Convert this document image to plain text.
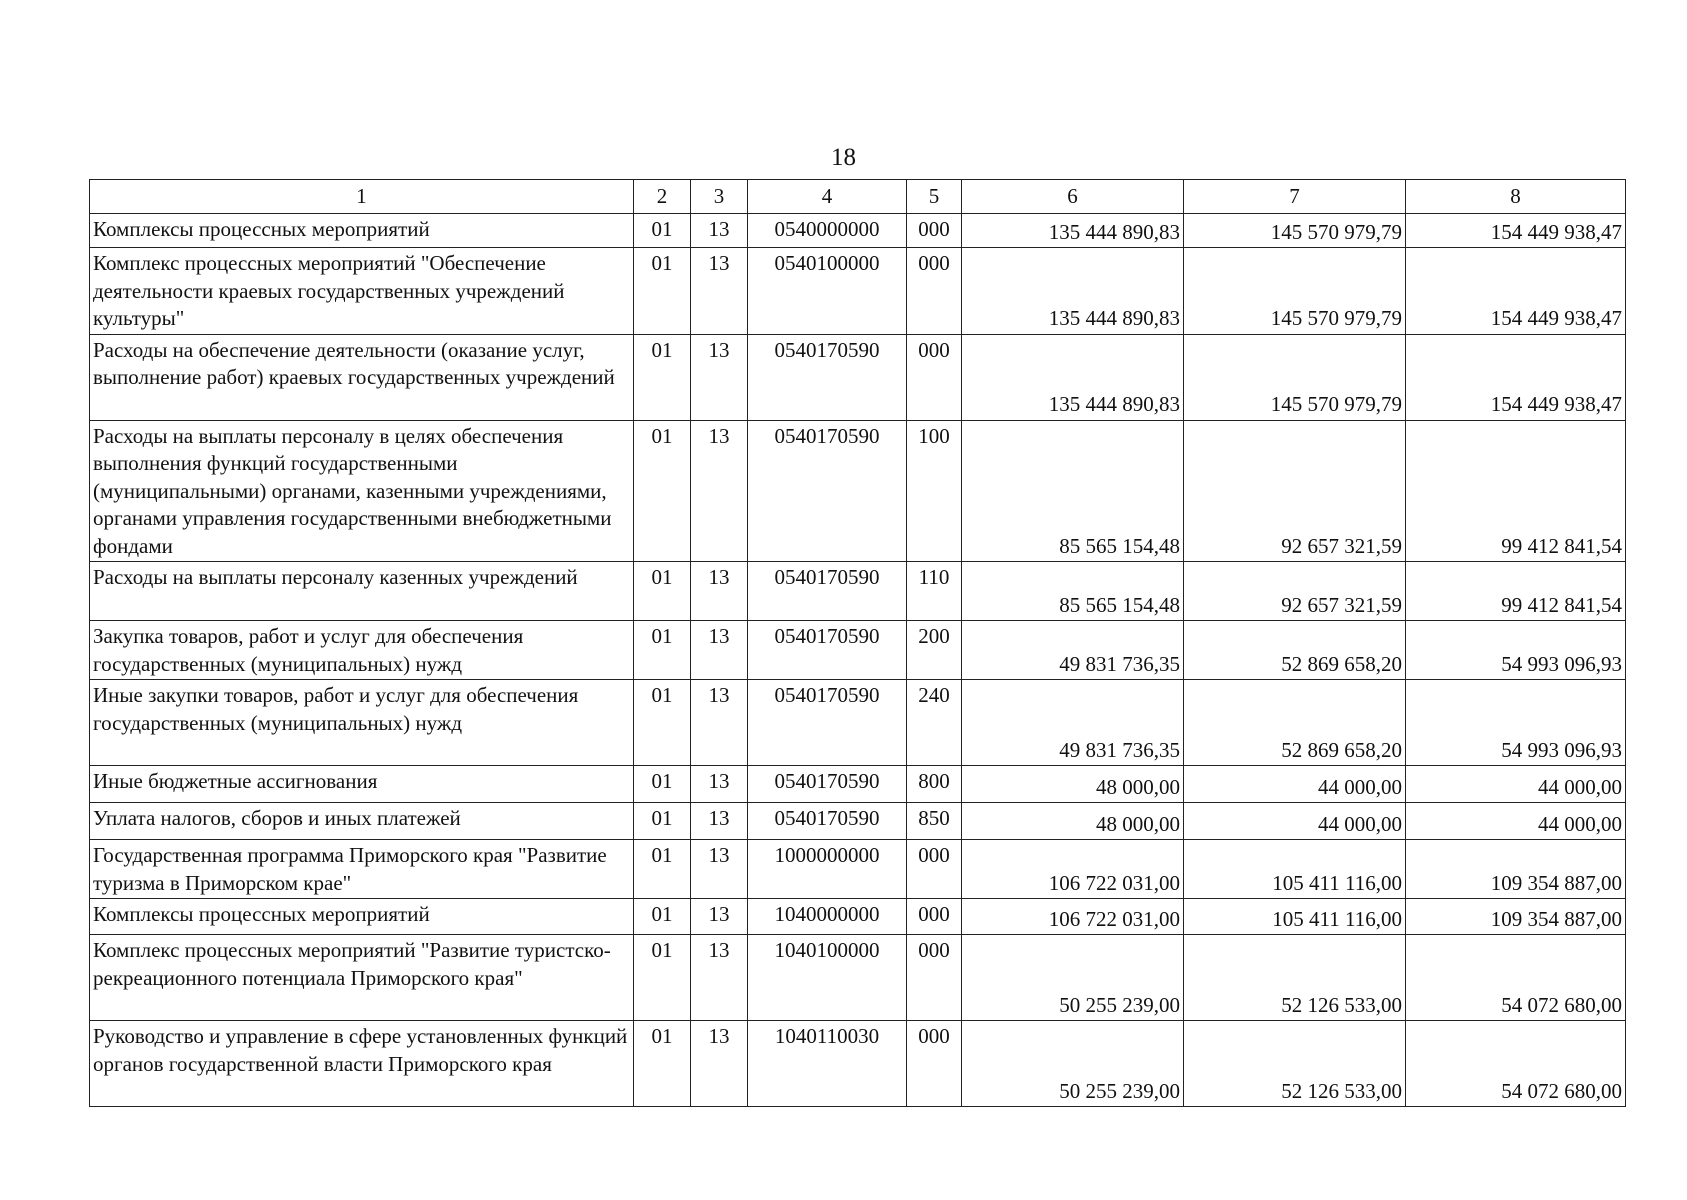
18
1	2	3	4	5	6	7	8
Комплексы процессных мероприятий	01	13	0540000000	000	135 444 890,83	145 570 979,79	154 449 938,47
Комплекс процессных мероприятий "Обеспечение деятельности краевых государственных учреждений культуры"	01	13	0540100000	000	135 444 890,83	145 570 979,79	154 449 938,47
Расходы на обеспечение деятельности (оказание услуг, выполнение работ) краевых государственных учреждений	01	13	0540170590	000	135 444 890,83	145 570 979,79	154 449 938,47
Расходы на выплаты персоналу в целях обеспечения выполнения функций государственными (муниципальными) органами, казенными учреждениями, органами управления государственными внебюджетными фондами	01	13	0540170590	100	85 565 154,48	92 657 321,59	99 412 841,54
Расходы на выплаты персоналу казенных учреждений	01	13	0540170590	110	85 565 154,48	92 657 321,59	99 412 841,54
Закупка товаров, работ и услуг для обеспечения государственных (муниципальных) нужд	01	13	0540170590	200	49 831 736,35	52 869 658,20	54 993 096,93
Иные закупки товаров, работ и услуг для обеспечения государственных (муниципальных) нужд	01	13	0540170590	240	49 831 736,35	52 869 658,20	54 993 096,93
Иные бюджетные ассигнования	01	13	0540170590	800	48 000,00	44 000,00	44 000,00
Уплата налогов, сборов и иных платежей	01	13	0540170590	850	48 000,00	44 000,00	44 000,00
Государственная программа Приморского края "Развитие туризма в Приморском крае"	01	13	1000000000	000	106 722 031,00	105 411 116,00	109 354 887,00
Комплексы процессных мероприятий	01	13	1040000000	000	106 722 031,00	105 411 116,00	109 354 887,00
Комплекс процессных мероприятий "Развитие туристско-рекреационного потенциала Приморского края"	01	13	1040100000	000	50 255 239,00	52 126 533,00	54 072 680,00
Руководство и управление в сфере установленных функций органов государственной власти Приморского края	01	13	1040110030	000	50 255 239,00	52 126 533,00	54 072 680,00
